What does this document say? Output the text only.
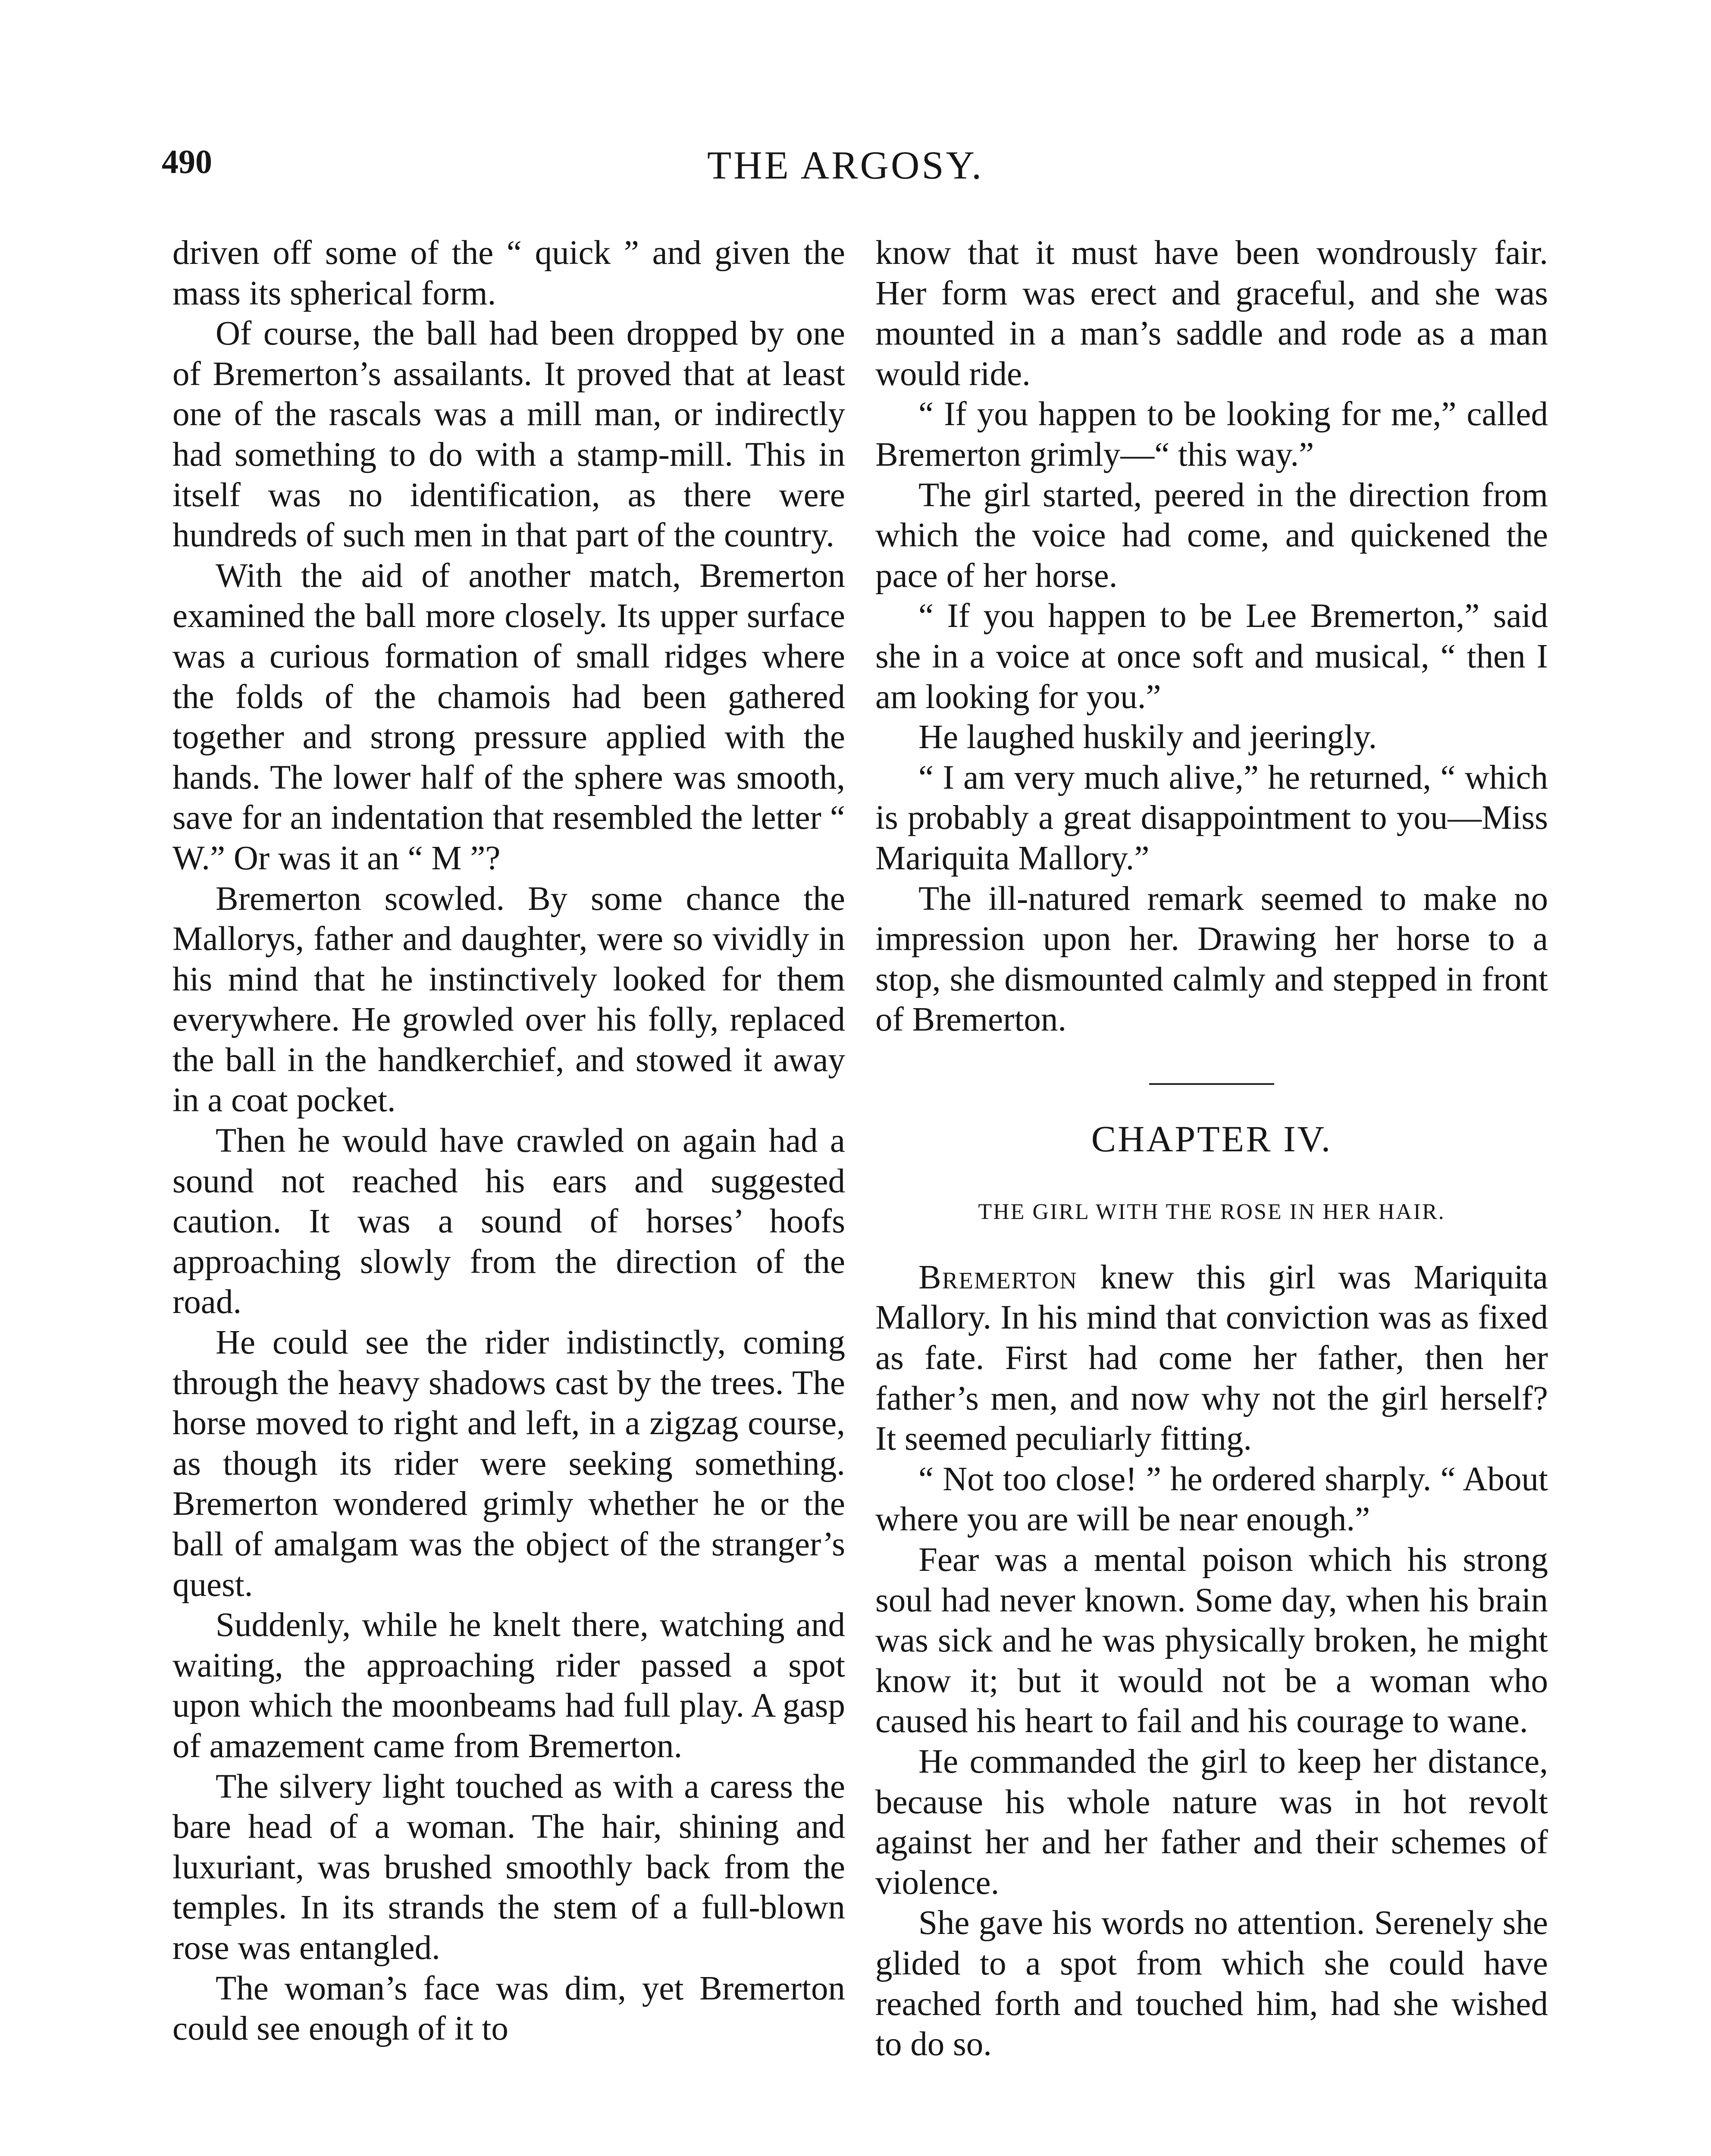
490	THE ARGOSY.

driven off some of the “ quick ” and given the mass its spherical form.

Of course, the ball had been dropped by one of Bremerton’s assailants. It proved that at least one of the rascals was a mill man, or indirectly had something to do with a stamp-mill. This in itself was no identification, as there were hundreds of such men in that part of the country.

With the aid of another match, Bremerton examined the ball more closely. Its upper surface was a curious formation of small ridges where the folds of the chamois had been gathered together and strong pressure applied with the hands. The lower half of the sphere was smooth, save for an indentation that resembled the letter “ W.” Or was it an “ M ”?

Bremerton scowled. By some chance the Mallorys, father and daughter, were so vividly in his mind that he instinctively looked for them everywhere. He growled over his folly, replaced the ball in the handkerchief, and stowed it away in a coat pocket.

Then he would have crawled on again had a sound not reached his ears and suggested caution. It was a sound of horses’ hoofs approaching slowly from the direction of the road.

He could see the rider indistinctly, coming through the heavy shadows cast by the trees. The horse moved to right and left, in a zigzag course, as though its rider were seeking something. Bremerton wondered grimly whether he or the ball of amalgam was the object of the stranger’s quest.

Suddenly, while he knelt there, watching and waiting, the approaching rider passed a spot upon which the moonbeams had full play. A gasp of amazement came from Bremerton.

The silvery light touched as with a caress the bare head of a woman. The hair, shining and luxuriant, was brushed smoothly back from the temples. In its strands the stem of a full-blown rose was entangled.

The woman’s face was dim, yet Bremerton could see enough of it to

know that it must have been wondrously fair. Her form was erect and graceful, and she was mounted in a man’s saddle and rode as a man would ride.

“ If you happen to be looking for me,” called Bremerton grimly—“ this way.”

The girl started, peered in the direction from which the voice had come, and quickened the pace of her horse.

“ If you happen to be Lee Bremerton,” said she in a voice at once soft and musical, “ then I am looking for you.”

He laughed huskily and jeeringly.

“ I am very much alive,” he returned, “ which is probably a great disappointment to you—Miss Mariquita Mallory.”

The ill-natured remark seemed to make no impression upon her. Drawing her horse to a stop, she dismounted calmly and stepped in front of Bremerton.

CHAPTER IV.
THE GIRL WITH THE ROSE IN HER HAIR.

Bremerton knew this girl was Mariquita Mallory. In his mind that conviction was as fixed as fate. First had come her father, then her father’s men, and now why not the girl herself? It seemed peculiarly fitting.

“ Not too close! ” he ordered sharply. “ About where you are will be near enough.”

Fear was a mental poison which his strong soul had never known. Some day, when his brain was sick and he was physically broken, he might know it; but it would not be a woman who caused his heart to fail and his courage to wane.

He commanded the girl to keep her distance, because his whole nature was in hot revolt against her and her father and their schemes of violence.

She gave his words no attention. Serenely she glided to a spot from which she could have reached forth and touched him, had she wished to do so.
